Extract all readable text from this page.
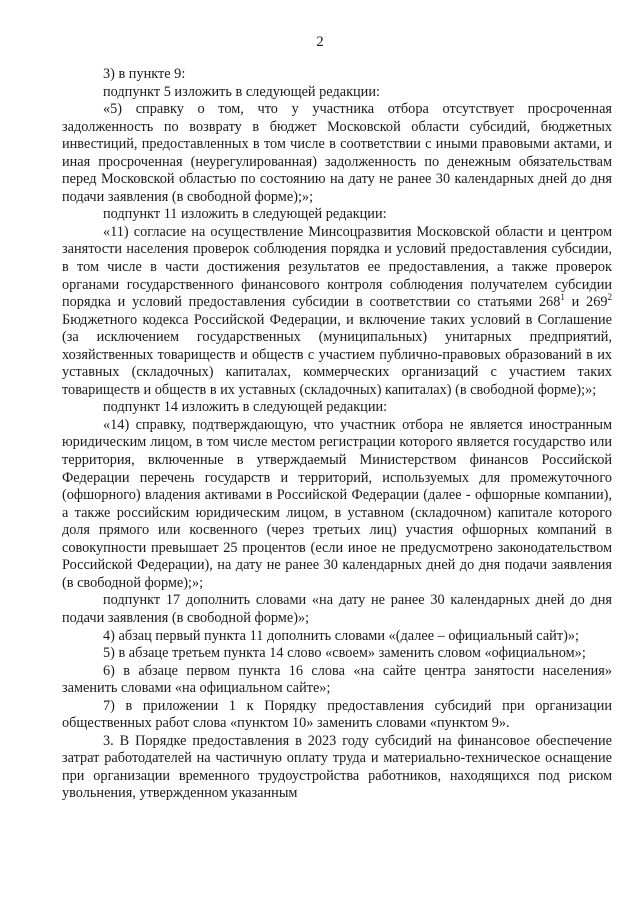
2

3) в пункте 9:

подпункт 5 изложить в следующей редакции:

«5) справку о том, что у участника отбора отсутствует просроченная задолженность по возврату в бюджет Московской области субсидий, бюджетных инвестиций, предоставленных в том числе в соответствии с иными правовыми актами, и иная просроченная (неурегулированная) задолженность по денежным обязательствам перед Московской областью по состоянию на дату не ранее 30 календарных дней до дня подачи заявления (в свободной форме);»;

подпункт 11 изложить в следующей редакции:

«11) согласие на осуществление Минсоцразвития Московской области и центром занятости населения проверок соблюдения порядка и условий предоставления субсидии, в том числе в части достижения результатов ее предоставления, а также проверок органами государственного финансового контроля соблюдения получателем субсидии порядка и условий предоставления субсидии в соответствии со статьями $268^1$ и $269^2$ Бюджетного кодекса Российской Федерации, и включение таких условий в Соглашение (за исключением государственных (муниципальных) унитарных предприятий, хозяйственных товариществ и обществ с участием публично-правовых образований в их уставных (складочных) капиталах, коммерческих организаций с участием таких товариществ и обществ в их уставных (складочных) капиталах) (в свободной форме);»;

подпункт 14 изложить в следующей редакции:

«14) справку, подтверждающую, что участник отбора не является иностранным юридическим лицом, в том числе местом регистрации которого является государство или территория, включенные в утверждаемый Министерством финансов Российской Федерации перечень государств и территорий, используемых для промежуточного (офшорного) владения активами в Российской Федерации (далее - офшорные компании), а также российским юридическим лицом, в уставном (складочном) капитале которого доля прямого или косвенного (через третьих лиц) участия офшорных компаний в совокупности превышает 25 процентов (если иное не предусмотрено законодательством Российской Федерации), на дату не ранее 30 календарных дней до дня подачи заявления (в свободной форме);»;

подпункт 17 дополнить словами «на дату не ранее 30 календарных дней до дня подачи заявления (в свободной форме)»;

4) абзац первый пункта 11 дополнить словами «(далее – официальный сайт)»;

5) в абзаце третьем пункта 14 слово «своем» заменить словом «официальном»;

6) в абзаце первом пункта 16 слова «на сайте центра занятости населения» заменить словами «на официальном сайте»;

7) в приложении 1 к Порядку предоставления субсидий при организации общественных работ слова «пунктом 10» заменить словами «пунктом 9».

3. В Порядке предоставления в 2023 году субсидий на финансовое обеспечение затрат работодателей на частичную оплату труда и материально-техническое оснащение при организации временного трудоустройства работников, находящихся под риском увольнения, утвержденном указанным
